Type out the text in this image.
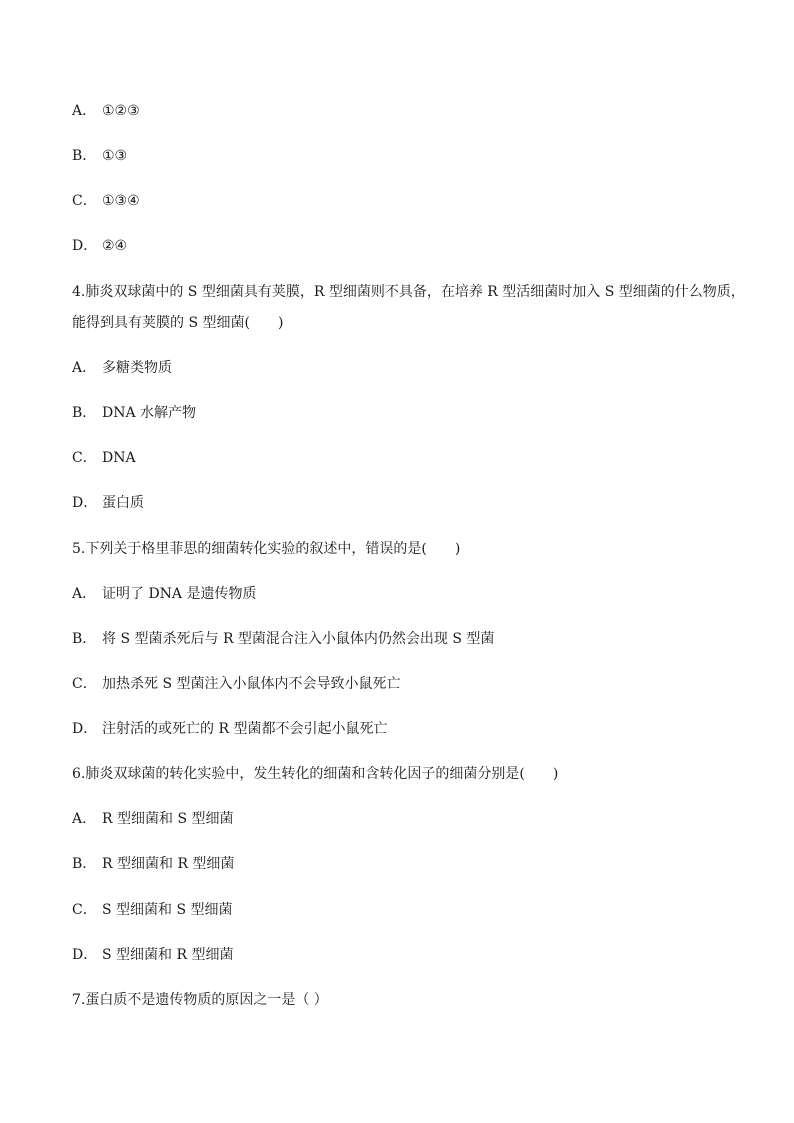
A． ①②③
B． ①③
C． ①③④
D． ②④
4.肺炎双球菌中的 S 型细菌具有荚膜，R 型细菌则不具备，在培养 R 型活细菌时加入 S 型细菌的什么物质，
能得到具有荚膜的 S 型细菌(　　)
A． 多糖类物质
B． DNA 水解产物
C． DNA
D． 蛋白质
5.下列关于格里菲思的细菌转化实验的叙述中，错误的是(　　)
A． 证明了 DNA 是遗传物质
B． 将 S 型菌杀死后与 R 型菌混合注入小鼠体内仍然会出现 S 型菌
C． 加热杀死 S 型菌注入小鼠体内不会导致小鼠死亡
D． 注射活的或死亡的 R 型菌都不会引起小鼠死亡
6.肺炎双球菌的转化实验中，发生转化的细菌和含转化因子的细菌分别是(　　)
A． R 型细菌和 S 型细菌
B． R 型细菌和 R 型细菌
C． S 型细菌和 S 型细菌
D． S 型细菌和 R 型细菌
7.蛋白质不是遗传物质的原因之一是（ ）
